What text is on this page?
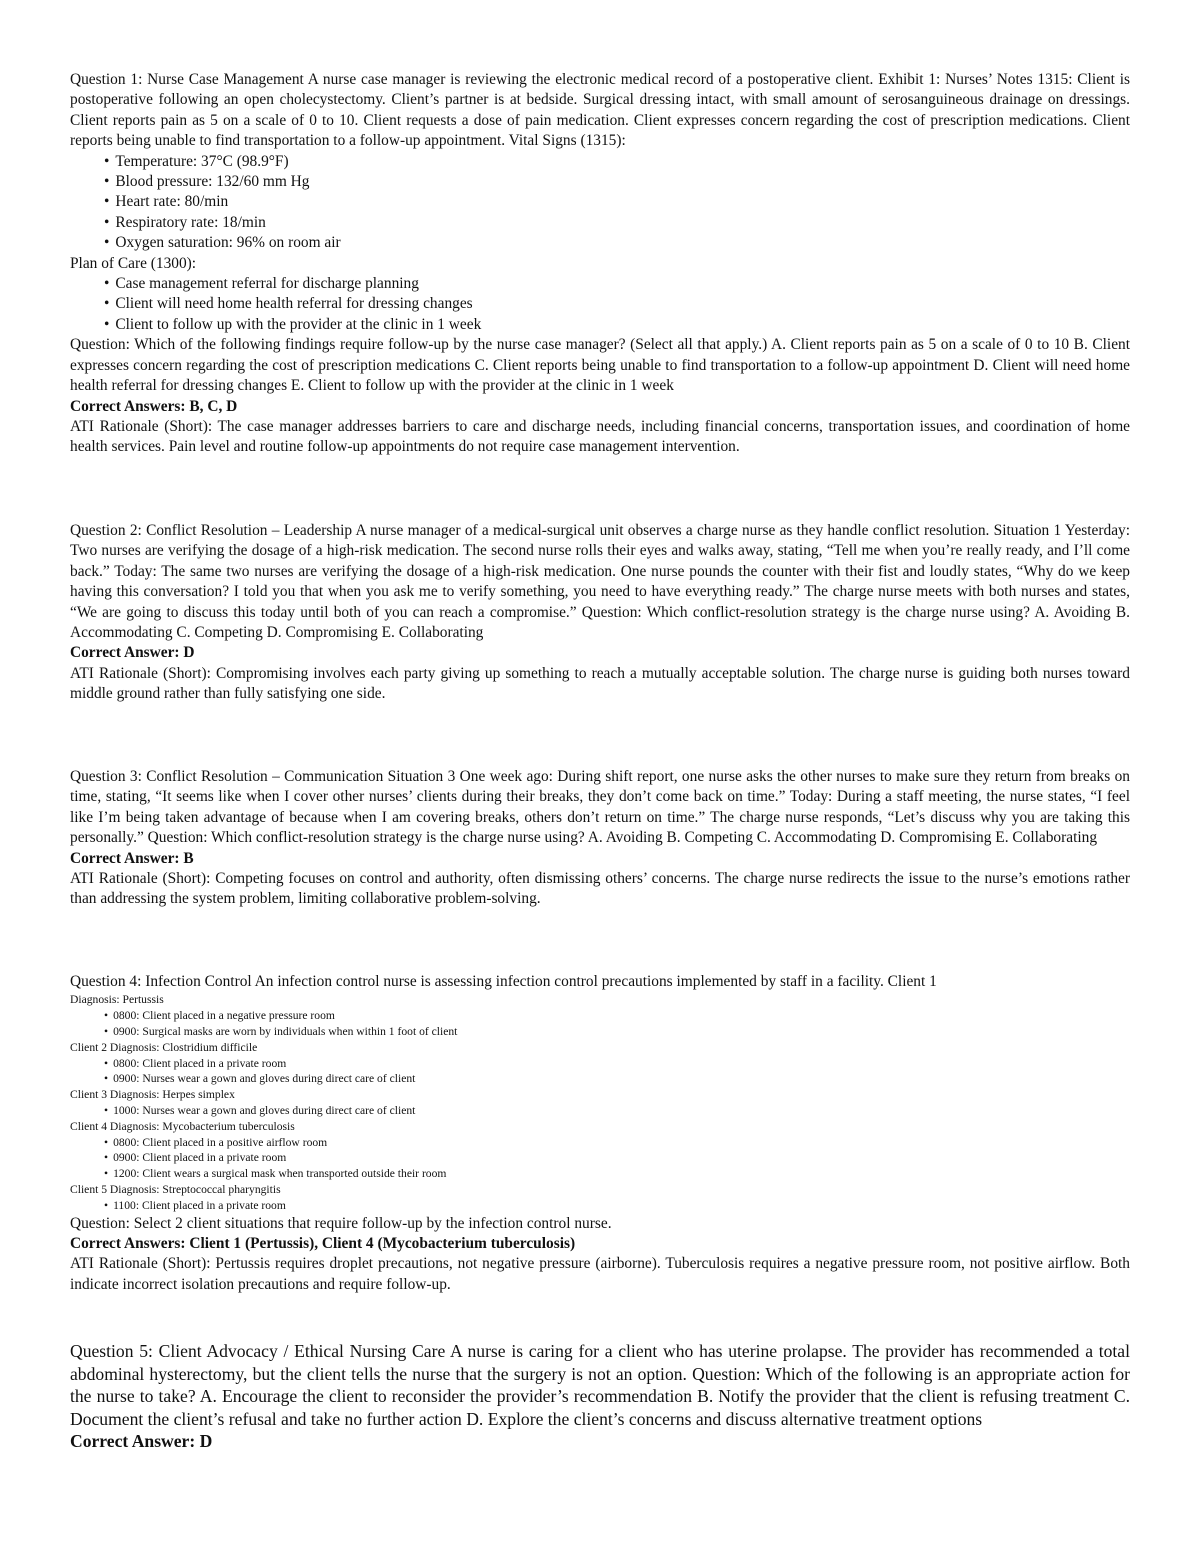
Question 1: Nurse Case Management A nurse case manager is reviewing the electronic medical record of a postoperative client. Exhibit 1: Nurses’ Notes 1315: Client is postoperative following an open cholecystectomy. Client’s partner is at bedside. Surgical dressing intact, with small amount of serosanguineous drainage on dressings. Client reports pain as 5 on a scale of 0 to 10. Client requests a dose of pain medication. Client expresses concern regarding the cost of prescription medications. Client reports being unable to find transportation to a follow-up appointment. Vital Signs (1315):

• Temperature: 37°C (98.9°F)
• Blood pressure: 132/60 mm Hg
• Heart rate: 80/min
• Respiratory rate: 18/min
• Oxygen saturation: 96% on room air

Plan of Care (1300):

• Case management referral for discharge planning
• Client will need home health referral for dressing changes
• Client to follow up with the provider at the clinic in 1 week

Question: Which of the following findings require follow-up by the nurse case manager? (Select all that apply.) A. Client reports pain as 5 on a scale of 0 to 10 B. Client expresses concern regarding the cost of prescription medications C. Client reports being unable to find transportation to a follow-up appointment D. Client will need home health referral for dressing changes E. Client to follow up with the provider at the clinic in 1 week

Correct Answers: B, C, D

ATI Rationale (Short): The case manager addresses barriers to care and discharge needs, including financial concerns, transportation issues, and coordination of home health services. Pain level and routine follow-up appointments do not require case management intervention.

Question 2: Conflict Resolution – Leadership A nurse manager of a medical-surgical unit observes a charge nurse as they handle conflict resolution. Situation 1 Yesterday: Two nurses are verifying the dosage of a high-risk medication. The second nurse rolls their eyes and walks away, stating, “Tell me when you’re really ready, and I’ll come back.” Today: The same two nurses are verifying the dosage of a high-risk medication. One nurse pounds the counter with their fist and loudly states, “Why do we keep having this conversation? I told you that when you ask me to verify something, you need to have everything ready.” The charge nurse meets with both nurses and states, “We are going to discuss this today until both of you can reach a compromise.” Question: Which conflict-resolution strategy is the charge nurse using? A. Avoiding B. Accommodating C. Competing D. Compromising E. Collaborating

Correct Answer: D

ATI Rationale (Short): Compromising involves each party giving up something to reach a mutually acceptable solution. The charge nurse is guiding both nurses toward middle ground rather than fully satisfying one side.

Question 3: Conflict Resolution – Communication Situation 3 One week ago: During shift report, one nurse asks the other nurses to make sure they return from breaks on time, stating, “It seems like when I cover other nurses’ clients during their breaks, they don’t come back on time.” Today: During a staff meeting, the nurse states, “I feel like I’m being taken advantage of because when I am covering breaks, others don’t return on time.” The charge nurse responds, “Let’s discuss why you are taking this personally.” Question: Which conflict-resolution strategy is the charge nurse using? A. Avoiding B. Competing C. Accommodating D. Compromising E. Collaborating

Correct Answer: B

ATI Rationale (Short): Competing focuses on control and authority, often dismissing others’ concerns. The charge nurse redirects the issue to the nurse’s emotions rather than addressing the system problem, limiting collaborative problem-solving.

Question 4: Infection Control An infection control nurse is assessing infection control precautions implemented by staff in a facility. Client 1

Diagnosis: Pertussis

• 0800: Client placed in a negative pressure room
• 0900: Surgical masks are worn by individuals when within 1 foot of client

Client 2 Diagnosis: Clostridium difficile

• 0800: Client placed in a private room
• 0900: Nurses wear a gown and gloves during direct care of client

Client 3 Diagnosis: Herpes simplex

• 1000: Nurses wear a gown and gloves during direct care of client

Client 4 Diagnosis: Mycobacterium tuberculosis

• 0800: Client placed in a positive airflow room
• 0900: Client placed in a private room
• 1200: Client wears a surgical mask when transported outside their room

Client 5 Diagnosis: Streptococcal pharyngitis

• 1100: Client placed in a private room

Question: Select 2 client situations that require follow-up by the infection control nurse.

Correct Answers: Client 1 (Pertussis), Client 4 (Mycobacterium tuberculosis)

ATI Rationale (Short): Pertussis requires droplet precautions, not negative pressure (airborne). Tuberculosis requires a negative pressure room, not positive airflow. Both indicate incorrect isolation precautions and require follow-up.

Question 5: Client Advocacy / Ethical Nursing Care A nurse is caring for a client who has uterine prolapse. The provider has recommended a total abdominal hysterectomy, but the client tells the nurse that the surgery is not an option. Question: Which of the following is an appropriate action for the nurse to take? A. Encourage the client to reconsider the provider’s recommendation B. Notify the provider that the client is refusing treatment C. Document the client’s refusal and take no further action D. Explore the client’s concerns and discuss alternative treatment options

Correct Answer: D
